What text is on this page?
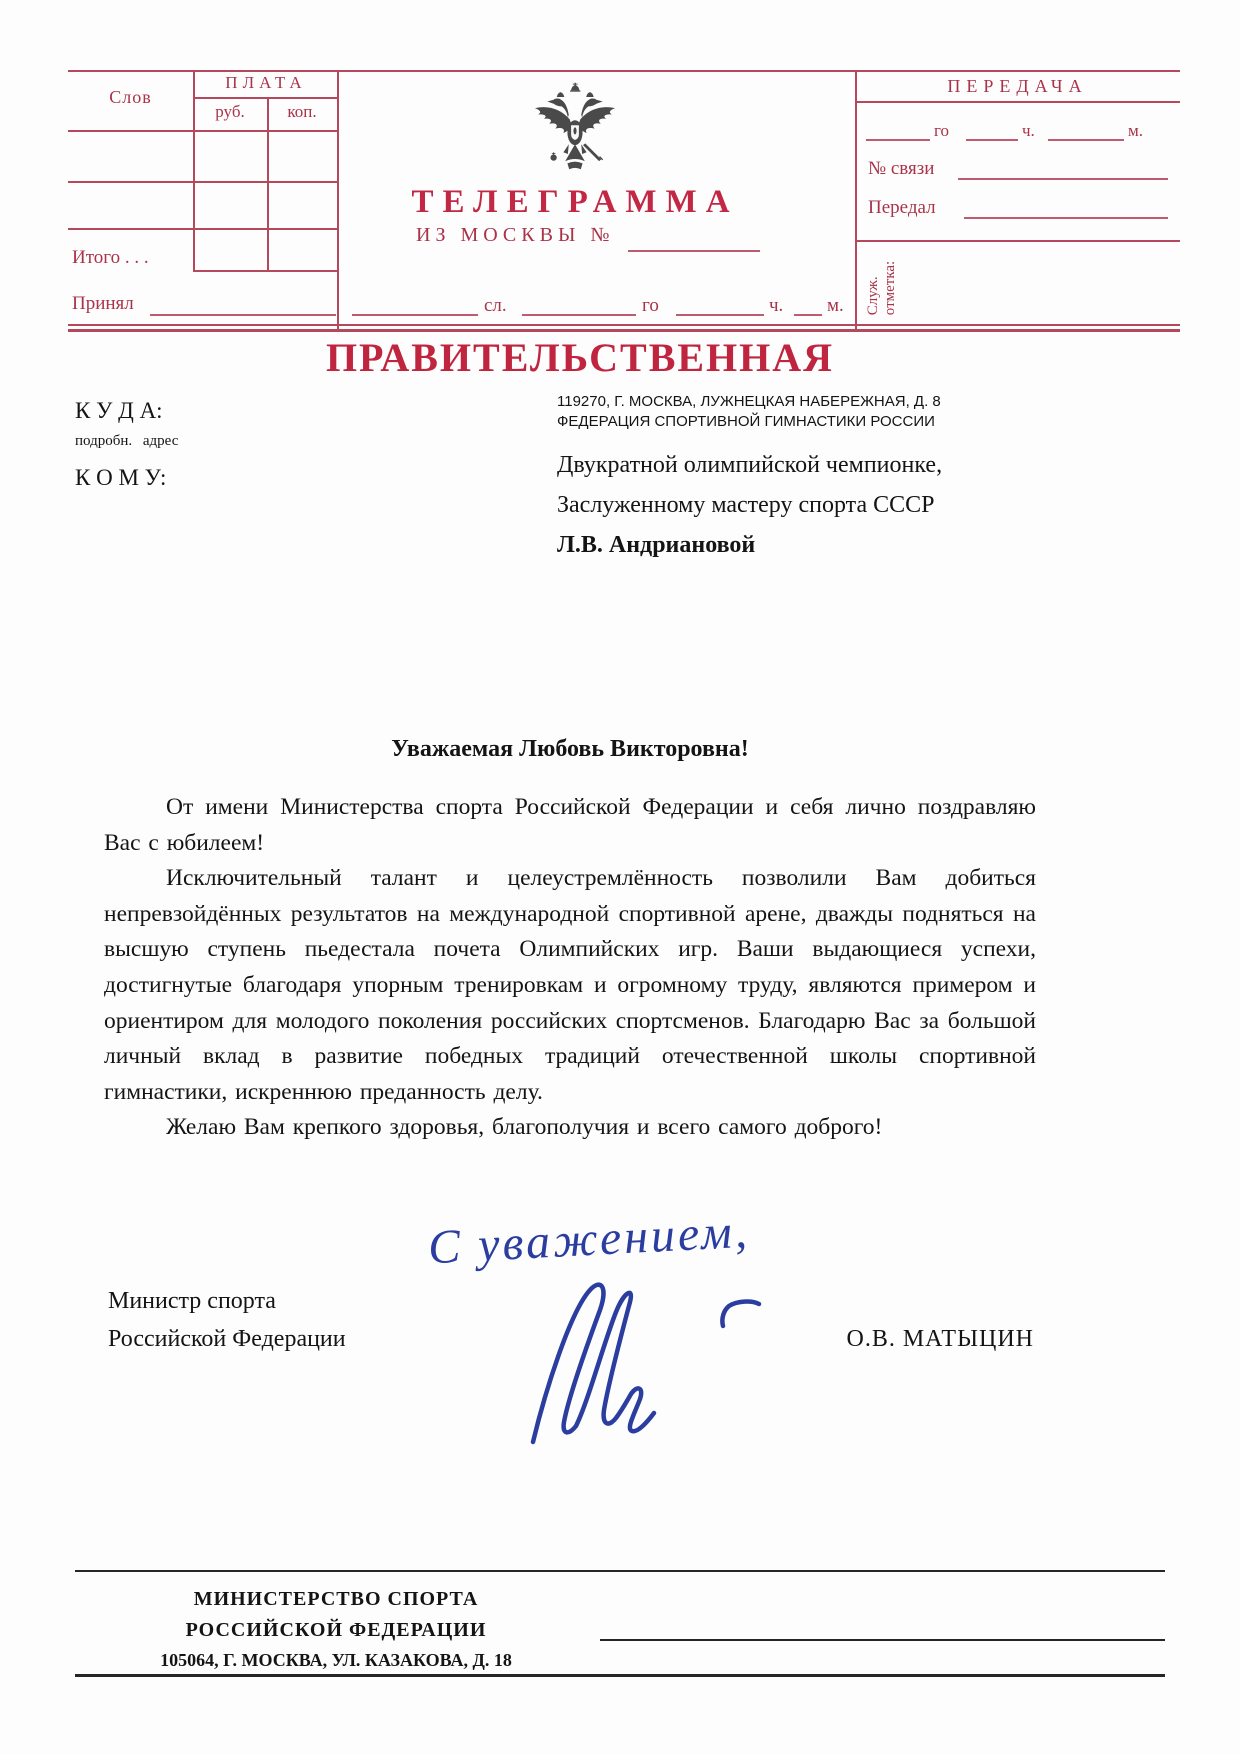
Слов
ПЛАТА
руб.	коп.
Итого . . .
Принял
ТЕЛЕГРАММА
ИЗ МОСКВЫ №
сл.	го	ч. м.
ПЕРЕДАЧА
го	ч.	м.
№ связи
Передал
Служ.
отметка:
ПРАВИТЕЛЬСТВЕННАЯ
К У Д А:
подробн. адрес
К О М У:
119270, Г. МОСКВА, ЛУЖНЕЦКАЯ НАБЕРЕЖНАЯ, Д. 8
ФЕДЕРАЦИЯ СПОРТИВНОЙ ГИМНАСТИКИ РОССИИ
Двукратной олимпийской чемпионке,
Заслуженному мастеру спорта СССР
Л.В. Андриановой
Уважаемая Любовь Викторовна!

От имени Министерства спорта Российской Федерации и себя лично поздравляю Вас с юбилеем!

Исключительный талант и целеустремлённость позволили Вам добиться непревзойдённых результатов на международной спортивной арене, дважды подняться на высшую ступень пьедестала почета Олимпийских игр. Ваши выдающиеся успехи, достигнутые благодаря упорным тренировкам и огромному труду, являются примером и ориентиром для молодого поколения российских спортсменов. Благодарю Вас за большой личный вклад в развитие победных традиций отечественной школы спортивной гимнастики, искреннюю преданность делу.

Желаю Вам крепкого здоровья, благополучия и всего самого доброго!

С уважением,
Министр спорта
Российской Федерации	О.В. МАТЫЦИН
МИНИСТЕРСТВО СПОРТА
РОССИЙСКОЙ ФЕДЕРАЦИИ
105064, Г. МОСКВА, УЛ. КАЗАКОВА, Д. 18
